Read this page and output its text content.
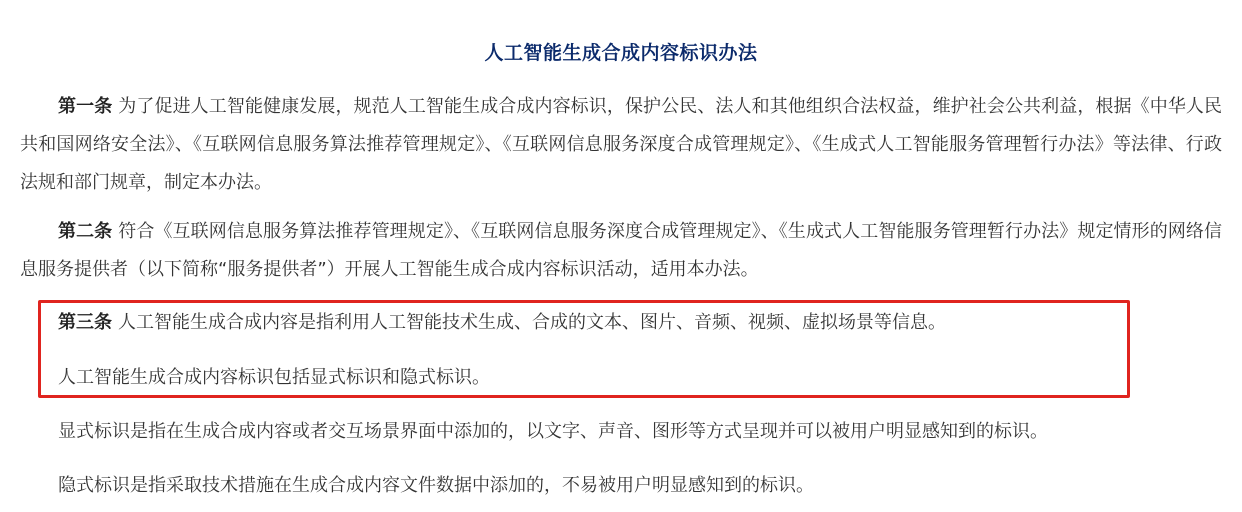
人工智能生成合成内容标识办法

第一条 为了促进人工智能健康发展，规范人工智能生成合成内容标识，保护公民、法人和其他组织合法权益，维护社会公共利益，根据《中华人民共和国网络安全法》、《互联网信息服务算法推荐管理规定》、《互联网信息服务深度合成管理规定》、《生成式人工智能服务管理暂行办法》等法律、行政法规和部门规章，制定本办法。

第二条 符合《互联网信息服务算法推荐管理规定》、《互联网信息服务深度合成管理规定》、《生成式人工智能服务管理暂行办法》规定情形的网络信息服务提供者（以下简称“服务提供者”）开展人工智能生成合成内容标识活动，适用本办法。

第三条 人工智能生成合成内容是指利用人工智能技术生成、合成的文本、图片、音频、视频、虚拟场景等信息。

人工智能生成合成内容标识包括显式标识和隐式标识。

显式标识是指在生成合成内容或者交互场景界面中添加的，以文字、声音、图形等方式呈现并可以被用户明显感知到的标识。

隐式标识是指采取技术措施在生成合成内容文件数据中添加的，不易被用户明显感知到的标识。
